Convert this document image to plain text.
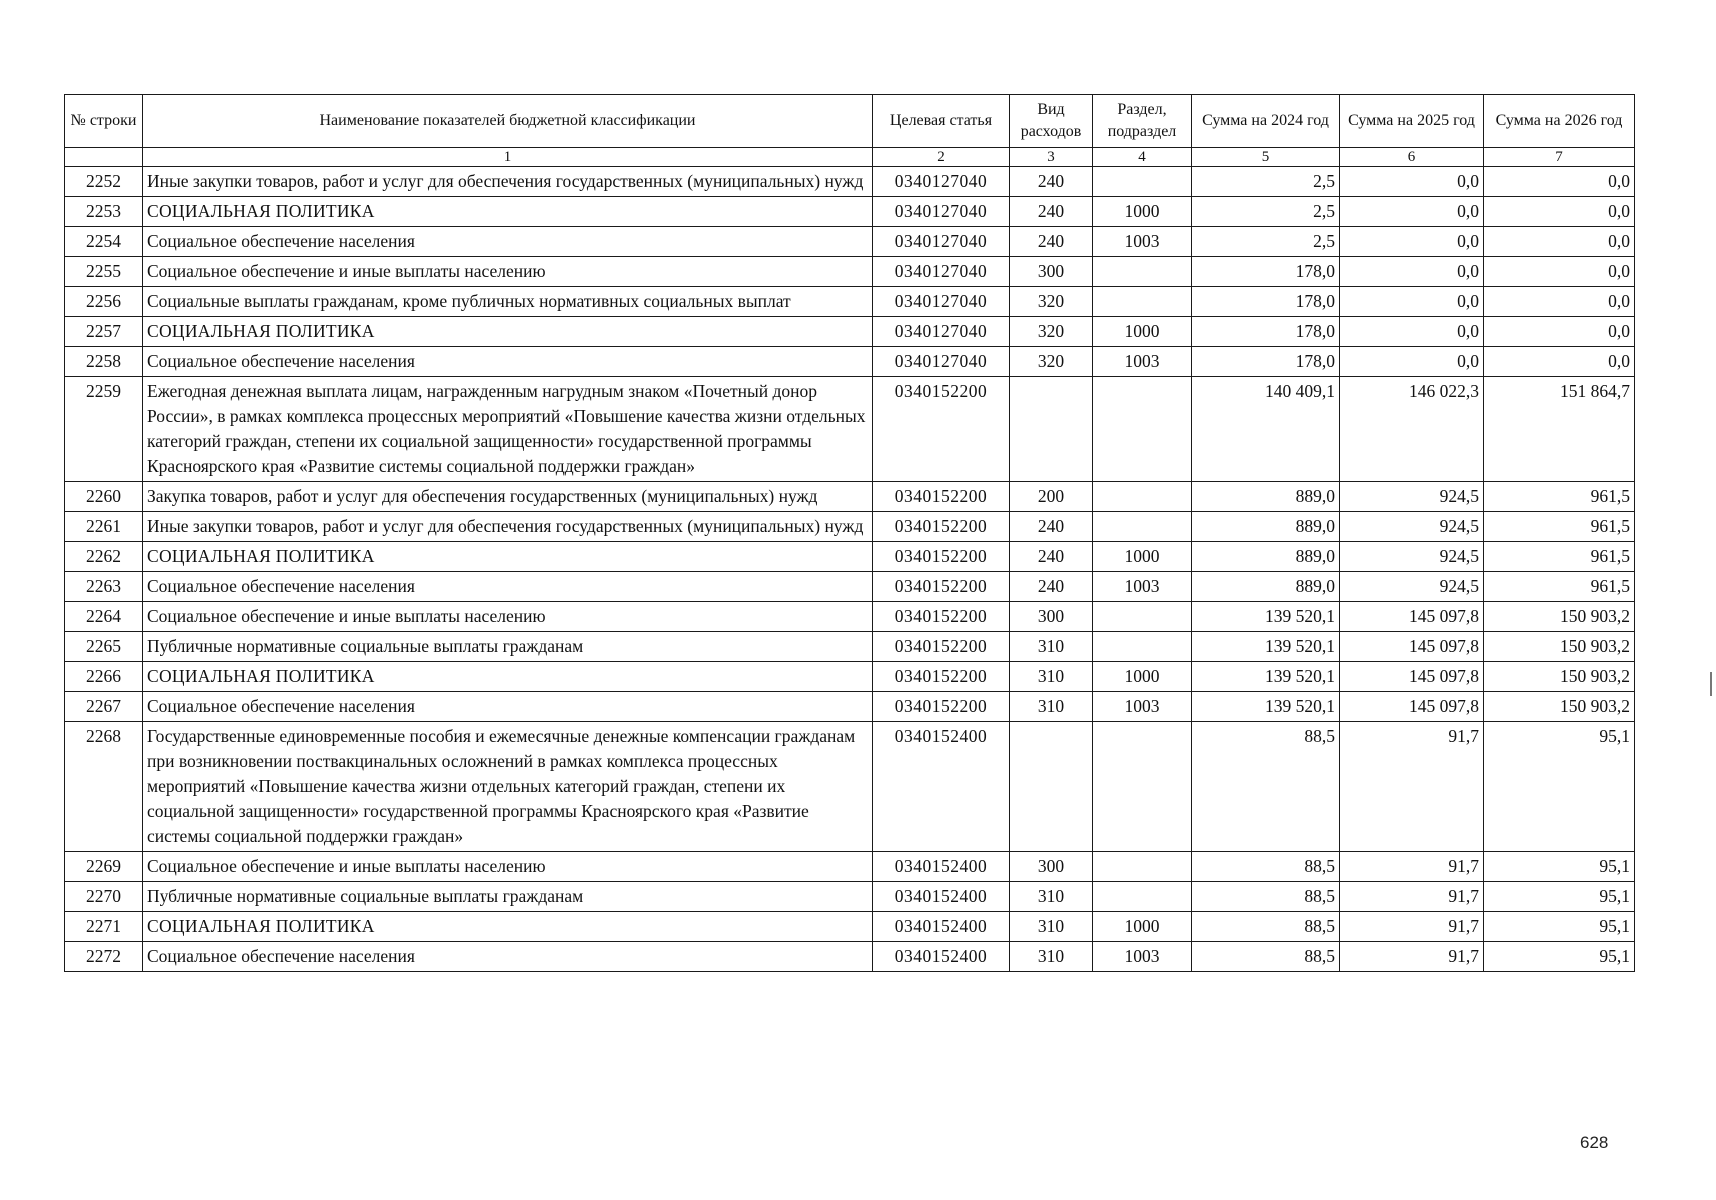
№ строки	Наименование показателей бюджетной классификации	Целевая статья	Вид расходов	Раздел, подраздел	Сумма на 2024 год	Сумма на 2025 год	Сумма на 2026 год
	1	2	3	4	5	6	7
2252	Иные закупки товаров, работ и услуг для обеспечения государственных (муниципальных) нужд	0340127040	240		2,5	0,0	0,0
2253	СОЦИАЛЬНАЯ ПОЛИТИКА	0340127040	240	1000	2,5	0,0	0,0
2254	Социальное обеспечение населения	0340127040	240	1003	2,5	0,0	0,0
2255	Социальное обеспечение и иные выплаты населению	0340127040	300		178,0	0,0	0,0
2256	Социальные выплаты гражданам, кроме публичных нормативных социальных выплат	0340127040	320		178,0	0,0	0,0
2257	СОЦИАЛЬНАЯ ПОЛИТИКА	0340127040	320	1000	178,0	0,0	0,0
2258	Социальное обеспечение населения	0340127040	320	1003	178,0	0,0	0,0
2259	Ежегодная денежная выплата лицам, награжденным нагрудным знаком «Почетный донор России», в рамках комплекса процессных мероприятий «Повышение качества жизни отдельных категорий граждан, степени их социальной защищенности» государственной программы Красноярского края «Развитие системы социальной поддержки граждан»	0340152200			140 409,1	146 022,3	151 864,7
2260	Закупка товаров, работ и услуг для обеспечения государственных (муниципальных) нужд	0340152200	200		889,0	924,5	961,5
2261	Иные закупки товаров, работ и услуг для обеспечения государственных (муниципальных) нужд	0340152200	240		889,0	924,5	961,5
2262	СОЦИАЛЬНАЯ ПОЛИТИКА	0340152200	240	1000	889,0	924,5	961,5
2263	Социальное обеспечение населения	0340152200	240	1003	889,0	924,5	961,5
2264	Социальное обеспечение и иные выплаты населению	0340152200	300		139 520,1	145 097,8	150 903,2
2265	Публичные нормативные социальные выплаты гражданам	0340152200	310		139 520,1	145 097,8	150 903,2
2266	СОЦИАЛЬНАЯ ПОЛИТИКА	0340152200	310	1000	139 520,1	145 097,8	150 903,2
2267	Социальное обеспечение населения	0340152200	310	1003	139 520,1	145 097,8	150 903,2
2268	Государственные единовременные пособия и ежемесячные денежные компенсации гражданам при возникновении поствакцинальных осложнений в рамках комплекса процессных мероприятий «Повышение качества жизни отдельных категорий граждан, степени их социальной защищенности» государственной программы Красноярского края «Развитие системы социальной поддержки граждан»	0340152400			88,5	91,7	95,1
2269	Социальное обеспечение и иные выплаты населению	0340152400	300		88,5	91,7	95,1
2270	Публичные нормативные социальные выплаты гражданам	0340152400	310		88,5	91,7	95,1
2271	СОЦИАЛЬНАЯ ПОЛИТИКА	0340152400	310	1000	88,5	91,7	95,1
2272	Социальное обеспечение населения	0340152400	310	1003	88,5	91,7	95,1
628
